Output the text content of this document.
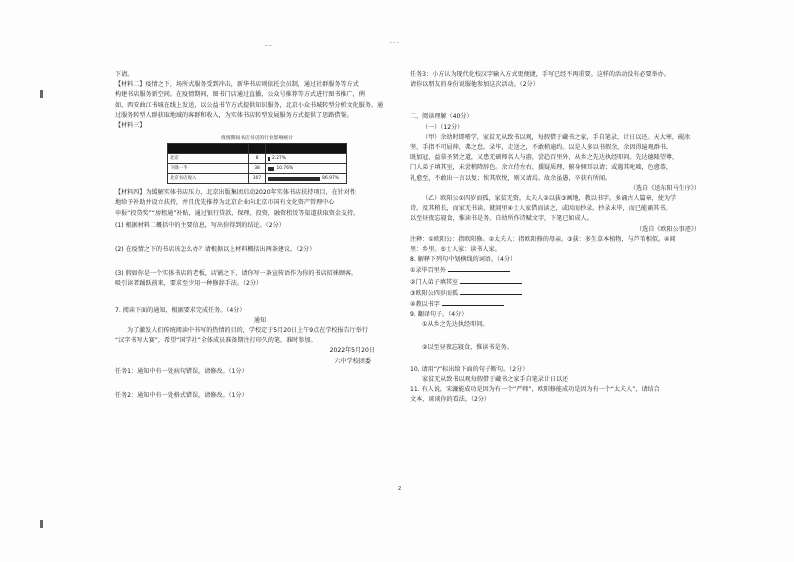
_ _	- - -

下请。

【材料二】疫情之下，场所式服务受到冲击，新华书店则依托会员制，通过社群服务等方式

构建书店服务新空间。在疫情期间，图书门店通过直播、公众号推荐等方式进行图书推广，例

如，西安曲江书城在线上发送，以公益书节方式提供知识服务，北京小众书城转型分析文化服务。通

过服务转型人群获取地域的客群和收入，为实体书店转型发展服务方式提供了思路借鉴。

【材料三】

疫情期间书店书店的行业影响统计
北京	8	2.27%
下降一半	38	10.76%
北京书店收入	307	86.97%

【材料四】为缓解实体书店压力，北京出版集团启动2020年实体书店扶持项目，在针对性

地给予补助并设立扶持，并且优先推荐为北京企业向北京市国有文化资产管理中心

申报“投贷奖”“房租通”补贴，通过银行贷款、保理、投资，融资租赁等渠道获取资金支持。

(1) 根据材料二概括中的主要信息，写出你得到的结论。（2分）

(2) 在疫情之下的书店该怎么办？请根据以上材料概括出两条建议。（2分）

(3) 假如你是一个实体书店的老板，店铺之下，请你写一条宣传语作为你的书店招徕顾客，

吸引读者踊跃前来，要求至少用一种修辞手法。（2分）

7. 阅读下面的通知，根据要求完成任务。（4分）

通知

为了激发人们传统阅读中书写的热情的目的，学校定于5月20日上午9点在学校报告厅举行

“汉字书写大赛”，希望“国学社”全体成员准备期注打印久的笔，准时参加。

2022年5月20日

六中学校团委

任务1：通知中有一处病句错误，请修改。（1分）

任务2：通知中有一处格式错误，请修改。（1分）

任务3：小方认为现代化校汉字输入方式更便捷，手写已经不再重要。这样的活动没有必要举办。

请你以朋友的身份说服他参加这次活动。（2分）

二、阅读理解（40分）

（一）（12分）

（甲）余幼时即嗜学，家贫无从致书以观，每假借于藏书之家，手自笔录，计日以还。天大寒，砚冰

坚，手指不可屈伸，弗之怠。录毕，走送之，不敢稍逾约。以是人多以书假余，余因得遍观群书。

既加冠，益慕圣贤之道，又患无硕师名人与游，尝趋百里外，从乡之先达执经叩问。先达德隆望尊，

门人弟子填其室，未尝稍降辞色。余立侍左右，援疑质理，俯身倾耳以请；或遇其叱咄，色愈恭，

礼愈至，不敢出一言以复；俟其欣悦，则又请焉。故余虽愚，卒获有所闻。

（选自《送东阳马生序》）

（乙）欧阳公①四岁而孤，家贫无资。太夫人②以荻③画地，教以书字。多诵古人篇章，使为学

诗。及其稍长，而家无书读，就闾里④士人家借而读之，或因而抄录。抄录未毕，而已能诵其书。

以至昼夜忘寝食，惟读书是务。自幼所作诗赋文字，下笔已如成人。

（选自《欧阳公事迹》）

注释：①欧阳公：指欧阳修。②太夫人：指欧阳修的母亲。③荻：多生草本植物，与芦苇相似。④闾

里：乡里。⑤士人家：读书人家。

8. 解释下列句中划横线的词语。（4分）

①录毕百里外

②门人弟子填其室

③欧阳公四岁而孤

④教以书字

9. 翻译句子。（4分）

①从乡之先达执经叩问。

②以至昼夜忘寝食，惟读书是务。

10. 请用“/”标出给下面的句子断句。（2分）

家贫无从致书以观每假借于藏书之家手自笔录计日以还

11. 有人说，宋濂能成功是因为有一个“严师”，欧阳修能成功是因为有一个“太夫人”，请结合

文本，谈谈你的看法。（2分）

2
